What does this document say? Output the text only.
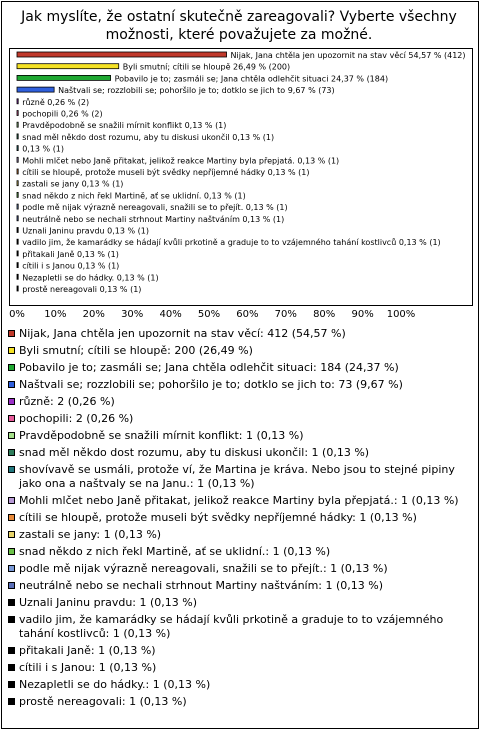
Jak myslíte, že ostatní skutečně zareagovali? Vyberte všechny možnosti, které považujete za možné.
Nijak, Jana chtěla jen upozornit na stav věcí 54,57 % (412)
Byli smutní; cítili se hloupě 26,49 % (200)
Pobavilo je to; zasmáli se; Jana chtěla odlehčit situaci 24,37 % (184)
Naštvali se; rozzlobili se; pohoršilo je to; dotklo se jich to 9,67 % (73)
různě 0,26 % (2)
pochopili 0,26 % (2)
Pravděpodobně se snažili mírnit konflikt 0,13 % (1)
snad měl někdo dost rozumu, aby tu diskusi ukončil 0,13 % (1)
0,13 % (1)
Mohli mlčet nebo Janě přitakat, jelikož reakce Martiny byla přepjatá. 0,13 % (1)
cítili se hloupě, protože museli být svědky nepříjemné hádky 0,13 % (1)
zastali se jany 0,13 % (1)
snad někdo z nich řekl Martině, ať se uklidní. 0,13 % (1)
podle mě nijak výrazně nereagovali, snažili se to přejít. 0,13 % (1)
neutrálně nebo se nechali strhnout Martiny naštváním 0,13 % (1)
Uznali Janinu pravdu 0,13 % (1)
vadilo jim, že kamarádky se hádají kvůli prkotině a graduje to to vzájemného tahání kostlivců 0,13 % (1)
přitakali Janě 0,13 % (1)
cítili i s Janou 0,13 % (1)
Nezapletli se do hádky. 0,13 % (1)
prostě nereagovali 0,13 % (1)
0% 10% 20% 30% 40% 50% 60% 70% 80% 90% 100%
Nijak, Jana chtěla jen upozornit na stav věcí: 412 (54,57 %)
Byli smutní; cítili se hloupě: 200 (26,49 %)
Pobavilo je to; zasmáli se; Jana chtěla odlehčit situaci: 184 (24,37 %)
Naštvali se; rozzlobili se; pohoršilo je to; dotklo se jich to: 73 (9,67 %)
různě: 2 (0,26 %)
pochopili: 2 (0,26 %)
Pravděpodobně se snažili mírnit konflikt: 1 (0,13 %)
snad měl někdo dost rozumu, aby tu diskusi ukončil: 1 (0,13 %)
shovívavě se usmáli, protože ví, že Martina je kráva. Nebo jsou to stejné pipiny jako ona a naštvaly se na Janu.: 1 (0,13 %)
Mohli mlčet nebo Janě přitakat, jelikož reakce Martiny byla přepjatá.: 1 (0,13 %)
cítili se hloupě, protože museli být svědky nepříjemné hádky: 1 (0,13 %)
zastali se jany: 1 (0,13 %)
snad někdo z nich řekl Martině, ať se uklidní.: 1 (0,13 %)
podle mě nijak výrazně nereagovali, snažili se to přejít.: 1 (0,13 %)
neutrálně nebo se nechali strhnout Martiny naštváním: 1 (0,13 %)
Uznali Janinu pravdu: 1 (0,13 %)
vadilo jim, že kamarádky se hádají kvůli prkotině a graduje to to vzájemného tahání kostlivců: 1 (0,13 %)
přitakali Janě: 1 (0,13 %)
cítili i s Janou: 1 (0,13 %)
Nezapletli se do hádky.: 1 (0,13 %)
prostě nereagovali: 1 (0,13 %)
